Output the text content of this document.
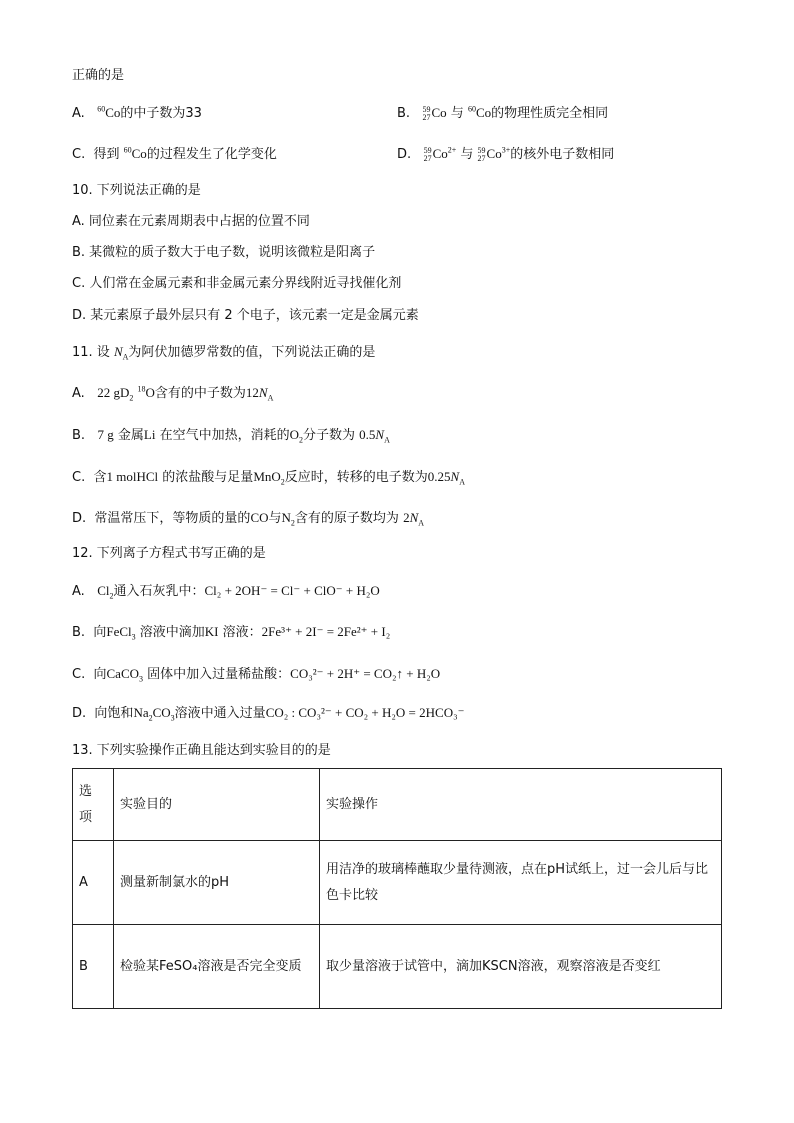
正确的是
A. $^{60}$Co的中子数为33	B. 59
27 Co 与 $^{60}$Co的物理性质完全相同
C. 得到 $^{60}$Co的过程发生了化学变化	D. 59
27 $Co^{2+}$ 与 59
27 $Co^{3+}$的核外电子数相同
10. 下列说法正确的是
A. 同位素在元素周期表中占据的位置不同
B. 某微粒的质子数大于电子数，说明该微粒是阳离子
C. 人们常在金属元素和非金属元素分界线附近寻找催化剂
D. 某元素原子最外层只有 2 个电子，该元素一定是金属元素
11. 设 $N_A$为阿伏加德罗常数的值，下列说法正确的是
A. 22 $gD_2$ $^{18}$O含有的中子数为$12N_A$
B. 7 g 金属Li 在空气中加热，消耗的$O_2$分子数为 $0.5N_A$
C. 含1 molHCl 的浓盐酸与足量MnO$_2$反应时，转移的电子数为$0.25N_A$
D. 常温常压下，等物质的量的CO与$N_2$含有的原子数均为 $2N_A$
12. 下列离子方程式书写正确的是
A. $Cl_2$通入石灰乳中：Cl₂ + 2OH⁻ = Cl⁻ + ClO⁻ + H₂O
B. 向FeCl$_3$ 溶液中滴加KI 溶液：2Fe³⁺ + 2I⁻ = 2Fe²⁺ + I₂
C. 向CaCO$_3$ 固体中加入过量稀盐酸：CO₃²⁻ + 2H⁺ = CO₂↑ + H₂O
D. 向饱和$Na_2CO_3$溶液中通入过量CO₂ : CO₃²⁻ + CO₂ + H₂O = 2HCO₃⁻
13. 下列实验操作正确且能达到实验目的的是
选
项	实验目的	实验操作
A	测量新制氯水的pH	用洁净的玻璃棒蘸取少量待测液，点在pH试纸上，过一会儿后与比色卡比较
B	检验某FeSO₄溶液是否完全变质	取少量溶液于试管中，滴加KSCN溶液，观察溶液是否变红
